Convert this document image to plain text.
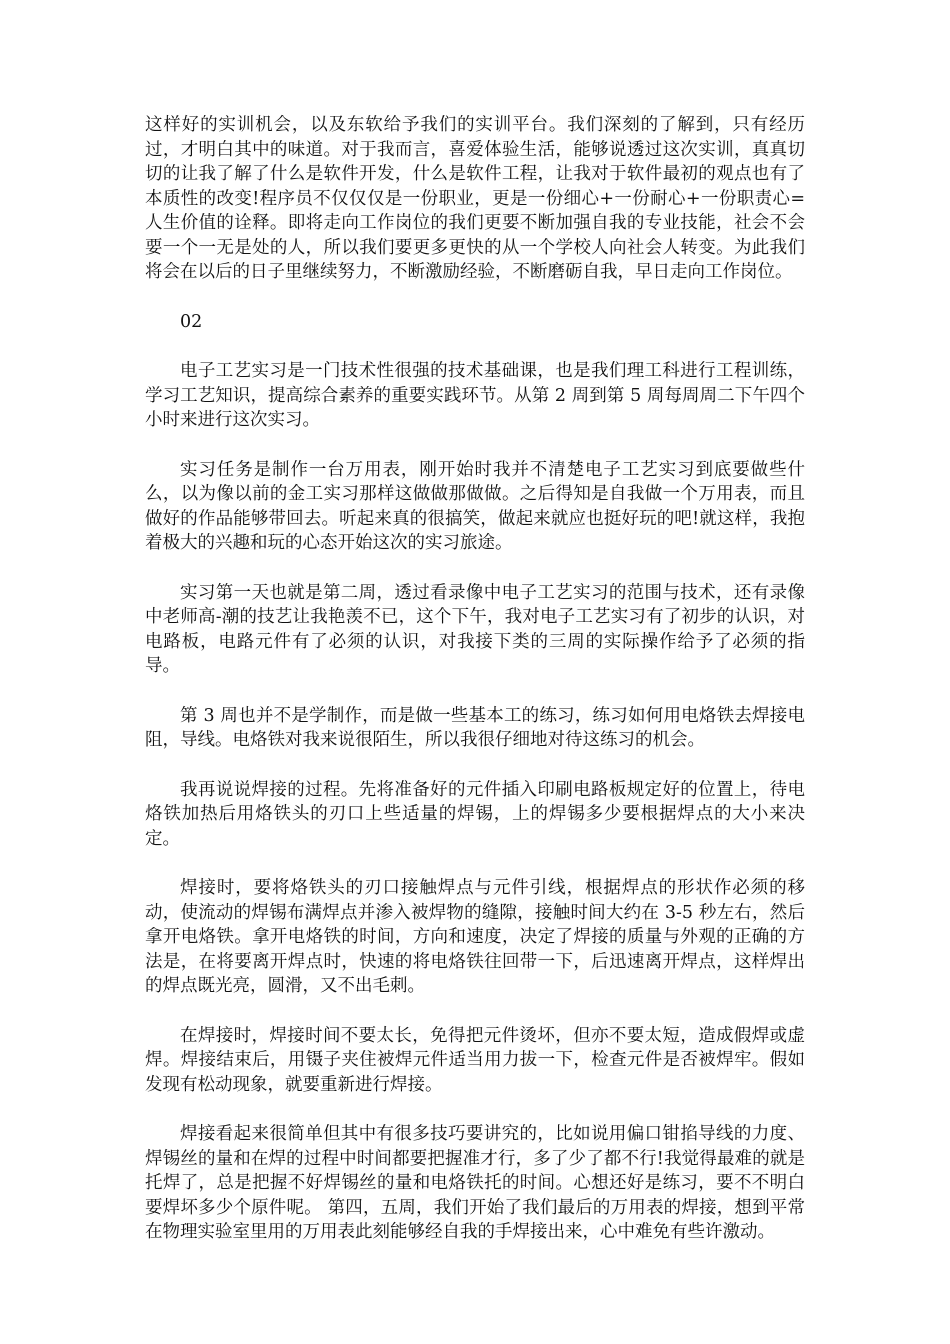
这样好的实训机会，以及东软给予我们的实训平台。我们深刻的了解到，只有经历过，才明白其中的味道。对于我而言，喜爱体验生活，能够说透过这次实训，真真切切的让我了解了什么是软件开发，什么是软件工程，让我对于软件最初的观点也有了本质性的改变!程序员不仅仅仅是一份职业，更是一份细心+一份耐心+一份职责心=人生价值的诠释。即将走向工作岗位的我们更要不断加强自我的专业技能，社会不会要一个一无是处的人，所以我们要更多更快的从一个学校人向社会人转变。为此我们将会在以后的日子里继续努力，不断激励经验，不断磨砺自我，早日走向工作岗位。

02

电子工艺实习是一门技术性很强的技术基础课，也是我们理工科进行工程训练，学习工艺知识，提高综合素养的重要实践环节。从第 2 周到第 5 周每周周二下午四个小时来进行这次实习。

实习任务是制作一台万用表，刚开始时我并不清楚电子工艺实习到底要做些什么，以为像以前的金工实习那样这做做那做做。之后得知是自我做一个万用表，而且做好的作品能够带回去。听起来真的很搞笑，做起来就应也挺好玩的吧!就这样，我抱着极大的兴趣和玩的心态开始这次的实习旅途。

实习第一天也就是第二周，透过看录像中电子工艺实习的范围与技术，还有录像中老师高-潮的技艺让我艳羡不已，这个下午，我对电子工艺实习有了初步的认识，对电路板，电路元件有了必须的认识，对我接下类的三周的实际操作给予了必须的指导。

第 3 周也并不是学制作，而是做一些基本工的练习，练习如何用电烙铁去焊接电阻，导线。电烙铁对我来说很陌生，所以我很仔细地对待这练习的机会。

我再说说焊接的过程。先将准备好的元件插入印刷电路板规定好的位置上，待电烙铁加热后用烙铁头的刃口上些适量的焊锡，上的焊锡多少要根据焊点的大小来决定。

焊接时，要将烙铁头的刃口接触焊点与元件引线，根据焊点的形状作必须的移动，使流动的焊锡布满焊点并渗入被焊物的缝隙，接触时间大约在 3-5 秒左右，然后拿开电烙铁。拿开电烙铁的时间，方向和速度，决定了焊接的质量与外观的正确的方法是，在将要离开焊点时，快速的将电烙铁往回带一下，后迅速离开焊点，这样焊出的焊点既光亮，圆滑，又不出毛刺。

在焊接时，焊接时间不要太长，免得把元件烫坏，但亦不要太短，造成假焊或虚焊。焊接结束后，用镊子夹住被焊元件适当用力拔一下，检查元件是否被焊牢。假如发现有松动现象，就要重新进行焊接。

焊接看起来很简单但其中有很多技巧要讲究的，比如说用偏口钳掐导线的力度、焊锡丝的量和在焊的过程中时间都要把握准才行，多了少了都不行!我觉得最难的就是托焊了，总是把握不好焊锡丝的量和电烙铁托的时间。心想还好是练习，要不不明白要焊坏多少个原件呢。 第四，五周，我们开始了我们最后的万用表的焊接，想到平常在物理实验室里用的万用表此刻能够经自我的手焊接出来，心中难免有些许激动。
